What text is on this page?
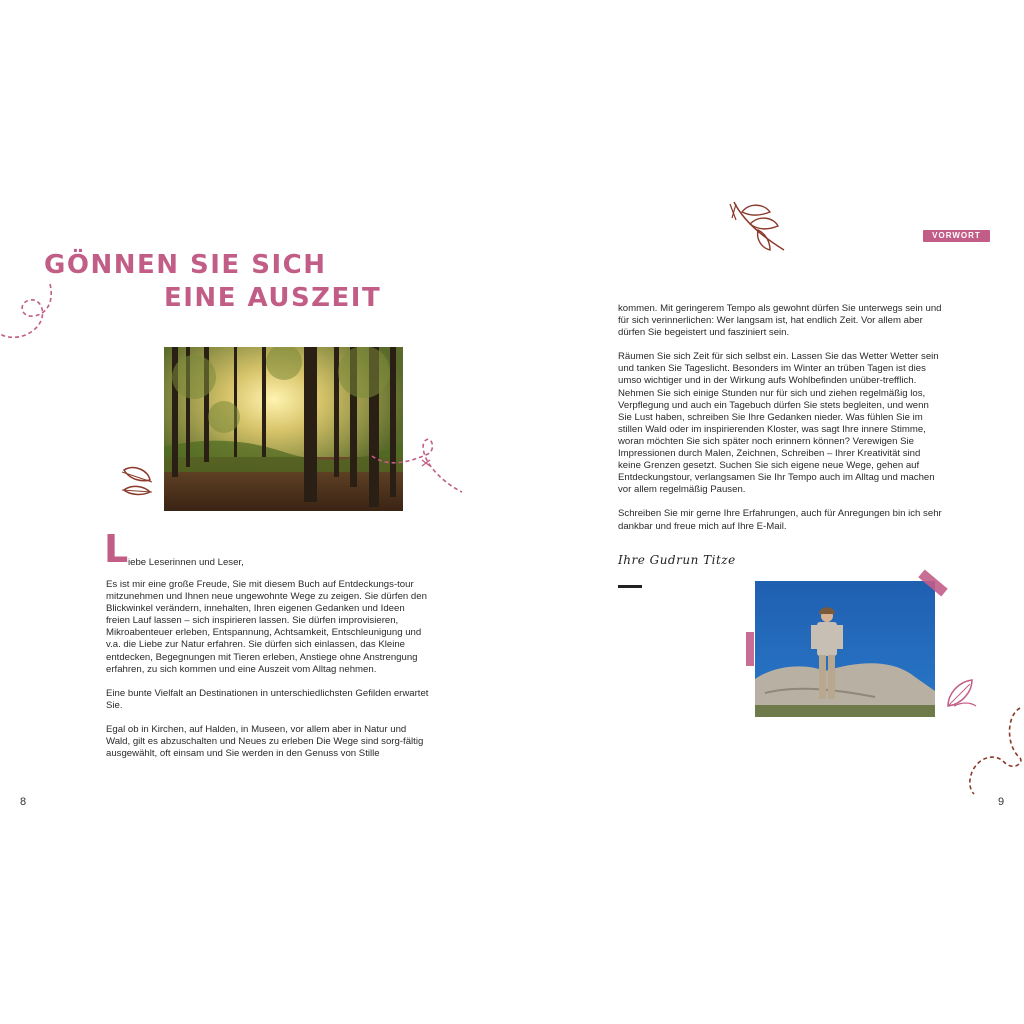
GÖNNEN SIE SICH
EINE AUSZEIT
L iebe Leserinnen und Leser,

Es ist mir eine große Freude, Sie mit diesem Buch auf Entdeckungs-tour mitzunehmen und Ihnen neue ungewohnte Wege zu zeigen. Sie dürfen den Blickwinkel verändern, innehalten, Ihren eigenen Gedanken und Ideen freien Lauf lassen – sich inspirieren lassen. Sie dürfen improvisieren, Mikroabenteuer erleben, Entspannung, Achtsamkeit, Entschleunigung und v.a. die Liebe zur Natur erfahren. Sie dürfen sich einlassen, das Kleine entdecken, Begegnungen mit Tieren erleben, Anstiege ohne Anstrengung erfahren, zu sich kommen und eine Auszeit vom Alltag nehmen.

Eine bunte Vielfalt an Destinationen in unterschiedlichsten Gefilden erwartet Sie.

Egal ob in Kirchen, auf Halden, in Museen, vor allem aber in Natur und Wald, gilt es abzuschalten und Neues zu erleben Die Wege sind sorg-fältig ausgewählt, oft einsam und Sie werden in den Genuss von Stille

8
VORWORT

kommen. Mit geringerem Tempo als gewohnt dürfen Sie unterwegs sein und für sich verinnerlichen: Wer langsam ist, hat endlich Zeit. Vor allem aber dürfen Sie begeistert und fasziniert sein.

Räumen Sie sich Zeit für sich selbst ein. Lassen Sie das Wetter Wetter sein und tanken Sie Tageslicht. Besonders im Winter an trüben Tagen ist dies umso wichtiger und in der Wirkung aufs Wohlbefinden unüber-trefflich. Nehmen Sie sich einige Stunden nur für sich und ziehen regelmäßig los, Verpflegung und auch ein Tagebuch dürfen Sie stets begleiten, und wenn Sie Lust haben, schreiben Sie Ihre Gedanken nieder. Was fühlen Sie im stillen Wald oder im inspirierenden Kloster, was sagt Ihre innere Stimme, woran möchten Sie sich später noch erinnern können? Verewigen Sie Impressionen durch Malen, Zeichnen, Schreiben – Ihrer Kreativität sind keine Grenzen gesetzt. Suchen Sie sich eigene neue Wege, gehen auf Entdeckungstour, verlangsamen Sie Ihr Tempo auch im Alltag und machen vor allem regelmäßig Pausen.

Schreiben Sie mir gerne Ihre Erfahrungen, auch für Anregungen bin ich sehr dankbar und freue mich auf Ihre E-Mail.

Ihre Gudrun Titze
9
